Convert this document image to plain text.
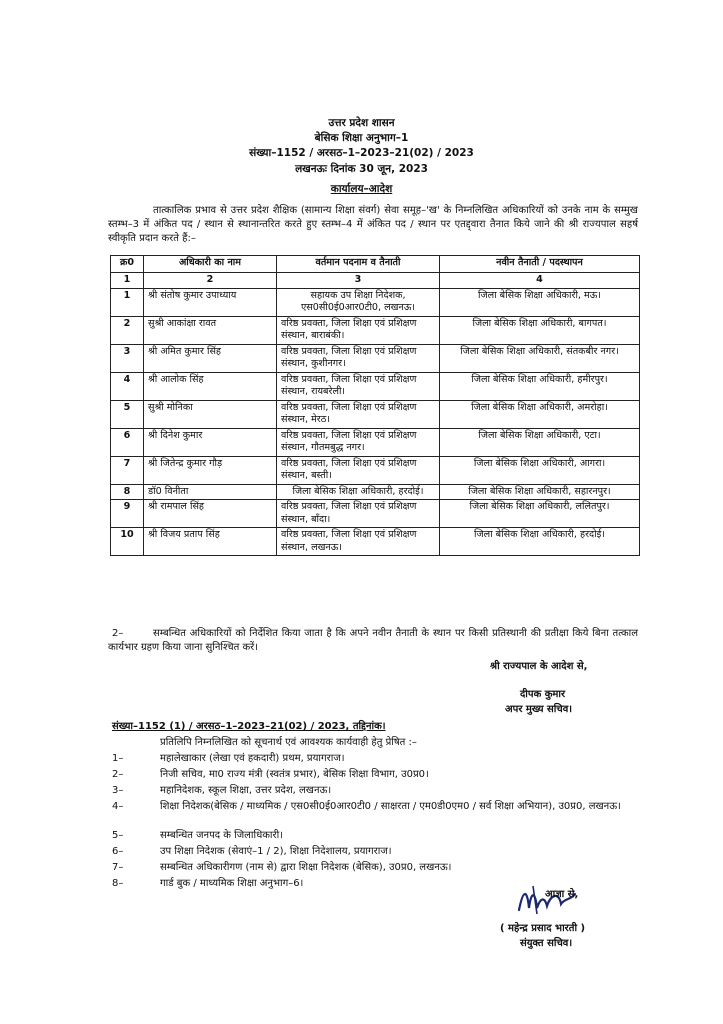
उत्तर प्रदेश शासन
बेसिक शिक्षा अनुभाग–1
संख्या–1152 / अरसठ–1–2023–21(02) / 2023
लखनऊः दिनांक 30 जून, 2023
कार्यालय–आदेश
तात्कालिक प्रभाव से उत्तर प्रदेश शैक्षिक (सामान्य शिक्षा संवर्ग) सेवा समूह–'ख' के निम्नलिखित अधिकारियों को उनके नाम के सम्मुख स्तम्भ–3 में अंकित पद / स्थान से स्थानान्तरित करते हुए स्तम्भ–4 में अंकित पद / स्थान पर एतद्द्वारा तैनात किये जाने की श्री राज्यपाल सहर्ष स्वीकृति प्रदान करते हैं:–
क्र0	अधिकारी का नाम	वर्तमान पदनाम व तैनाती	नवीन तैनाती / पदस्थापन
1	2	3	4
1	श्री संतोष कुमार उपाध्याय	सहायक उप शिक्षा निदेशक, एस0सी0ई0आर0टी0, लखनऊ।	जिला बेसिक शिक्षा अधिकारी, मऊ।
2	सुश्री आकांक्षा रावत	वरिष्ठ प्रवक्ता, जिला शिक्षा एवं प्रशिक्षण संस्थान, बाराबंकी।	जिला बेसिक शिक्षा अधिकारी, बागपत।
3	श्री अमित कुमार सिंह	वरिष्ठ प्रवक्ता, जिला शिक्षा एवं प्रशिक्षण संस्थान, कुशीनगर।	जिला बेसिक शिक्षा अधिकारी, संतकबीर नगर।
4	श्री आलोक सिंह	वरिष्ठ प्रवक्ता, जिला शिक्षा एवं प्रशिक्षण संस्थान, रायबरेली।	जिला बेसिक शिक्षा अधिकारी, हमीरपुर।
5	सुश्री मोनिका	वरिष्ठ प्रवक्ता, जिला शिक्षा एवं प्रशिक्षण संस्थान, मेरठ।	जिला बेसिक शिक्षा अधिकारी, अमरोहा।
6	श्री दिनेश कुमार	वरिष्ठ प्रवक्ता, जिला शिक्षा एवं प्रशिक्षण संस्थान, गौतमबुद्ध नगर।	जिला बेसिक शिक्षा अधिकारी, एटा।
7	श्री जितेन्द्र कुमार गौड़	वरिष्ठ प्रवक्ता, जिला शिक्षा एवं प्रशिक्षण संस्थान, बस्ती।	जिला बेसिक शिक्षा अधिकारी, आगरा।
8	डॉ0 विनीता	जिला बेसिक शिक्षा अधिकारी, हरदोई।	जिला बेसिक शिक्षा अधिकारी, सहारनपुर।
9	श्री रामपाल सिंह	वरिष्ठ प्रवक्ता, जिला शिक्षा एवं प्रशिक्षण संस्थान, बाँदा।	जिला बेसिक शिक्षा अधिकारी, ललितपुर।
10	श्री विजय प्रताप सिंह	वरिष्ठ प्रवक्ता, जिला शिक्षा एवं प्रशिक्षण संस्थान, लखनऊ।	जिला बेसिक शिक्षा अधिकारी, हरदोई।
2–	सम्बन्धित अधिकारियों को निर्देशित किया जाता है कि अपने नवीन तैनाती के स्थान पर किसी प्रतिस्थानी की प्रतीक्षा किये बिना तत्काल कार्यभार ग्रहण किया जाना सुनिश्चित करें।
श्री राज्यपाल के आदेश से,
दीपक कुमार
अपर मुख्य सचिव।
संख्या–1152 (1) / अरसठ–1–2023–21(02) / 2023, तद्दिनांक।
प्रतिलिपि निम्नलिखित को सूचनार्थ एवं आवश्यक कार्यवाही हेतु प्रेषित :–
1–	महालेखाकार (लेखा एवं हकदारी) प्रथम, प्रयागराज।
2–	निजी सचिव, मा0 राज्य मंत्री (स्वतंत्र प्रभार), बेसिक शिक्षा विभाग, उ0प्र0।
3–	महानिदेशक, स्कूल शिक्षा, उत्तर प्रदेश, लखनऊ।
4–	शिक्षा निदेशक(बेसिक / माध्यमिक / एस0सी0ई0आर0टी0 / साक्षरता / एम0डी0एम0 / सर्व शिक्षा अभियान), उ0प्र0, लखनऊ।
5–	सम्बन्धित जनपद के जिलाधिकारी।
6–	उप शिक्षा निदेशक (सेवाएं–1 / 2), शिक्षा निदेशालय, प्रयागराज।
7–	सम्बन्धित अधिकारीगण (नाम से) द्वारा शिक्षा निदेशक (बेसिक), उ0प्र0, लखनऊ।
8–	गार्ड बुक / माध्यमिक शिक्षा अनुभाग–6।
आज्ञा से,
( महेन्द्र प्रसाद भारती )
संयुक्त सचिव।
